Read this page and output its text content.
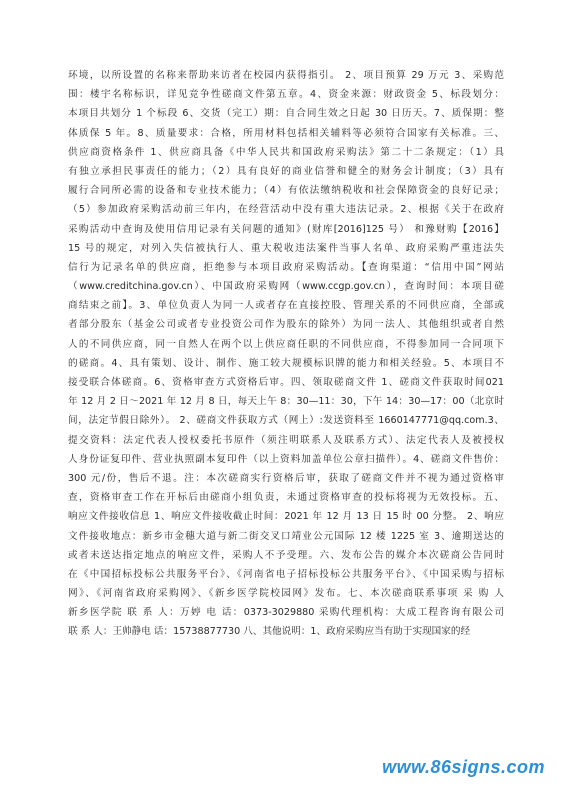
环境，以所设置的名称来帮助来访者在校园内获得指引。 2、项目预算 29 万元 3、采购范
围：楼宇名称标识，详见竞争性磋商文件第五章。4、资金来源：财政资金 5、标段划分：
本项目共划分 1 个标段 6、交货（完工）期：自合同生效之日起 30 日历天。7、质保期：整
体质保 5 年。8、质量要求：合格，所用材料包括相关辅料等必须符合国家有关标准。三、
供应商资格条件 1、供应商具备《中华人民共和国政府采购法》第二十二条规定：（1）具
有独立承担民事责任的能力；（2）具有良好的商业信誉和健全的财务会计制度；（3）具有
履行合同所必需的设备和专业技术能力；（4）有依法缴纳税收和社会保障资金的良好记录；
（5）参加政府采购活动前三年内，在经营活动中没有重大违法记录。2、根据《关于在政府
采购活动中查询及使用信用记录有关问题的通知》(财库[2016]125 号） 和豫财购【2016】
15 号的规定，对列入失信被执行人、重大税收违法案件当事人名单、政府采购严重违法失
信行为记录名单的供应商，拒绝参与本项目政府采购活动。【查询渠道：“信用中国”网站
（www.creditchina.gov.cn）、中国政府采购网（www.ccgp.gov.cn），查询时间：本项目磋
商结束之前】。3、单位负责人为同一人或者存在直接控股、管理关系的不同供应商，全部或
者部分股东（基金公司或者专业投资公司作为股东的除外）为同一法人、其他组织或者自然
人的不同供应商，同一自然人在两个以上供应商任职的不同供应商，不得参加同一合同项下
的磋商。4、具有策划、设计、制作、施工较大规模标识牌的能力和相关经验。5、本项目不
接受联合体磋商。6、资格审查方式资格后审。四、领取磋商文件 1、磋商文件获取时间021
年 12 月 2 日～2021 年 12 月 8 日，每天上午 8：30—11：30，下午 14：30—17：00（北京时
间，法定节假日除外）。 2、磋商文件获取方式（网上）:发送资料至 1660147771@qq.com.3、
提交资料：法定代表人授权委托书原件（须注明联系人及联系方式）、法定代表人及被授权
人身份证复印件、营业执照副本复印件（以上资料加盖单位公章扫描件）。4、磋商文件售价：
300 元/份，售后不退。注：本次磋商实行资格后审，获取了磋商文件并不视为通过资格审
查，资格审查工作在开标后由磋商小组负责，未通过资格审查的投标将视为无效投标。五、
响应文件接收信息 1、响应文件接收截止时间：2021 年 12 月 13 日 15 时 00 分整。 2、响应
文件接收地点：新乡市金穗大道与新二街交叉口靖业公元国际 12 楼 1225 室 3、逾期送达的
或者未送达指定地点的响应文件，采购人不予受理。六、发布公告的媒介本次磋商公告同时
在《中国招标投标公共服务平台》、《河南省电子招标投标公共服务平台》、《中国采购与招标
网》、《河南省政府采购网》、《新乡医学院校园网》发布。七、本次磋商联系事项 采 购 人
新乡医学院 联 系 人：万婷 电 话：0373-3029880 采购代理机构：大成工程咨询有限公司
联 系 人：王帅静电 话：15738877730 八、其他说明：1、政府采购应当有助于实现国家的经
www.86signs.com
